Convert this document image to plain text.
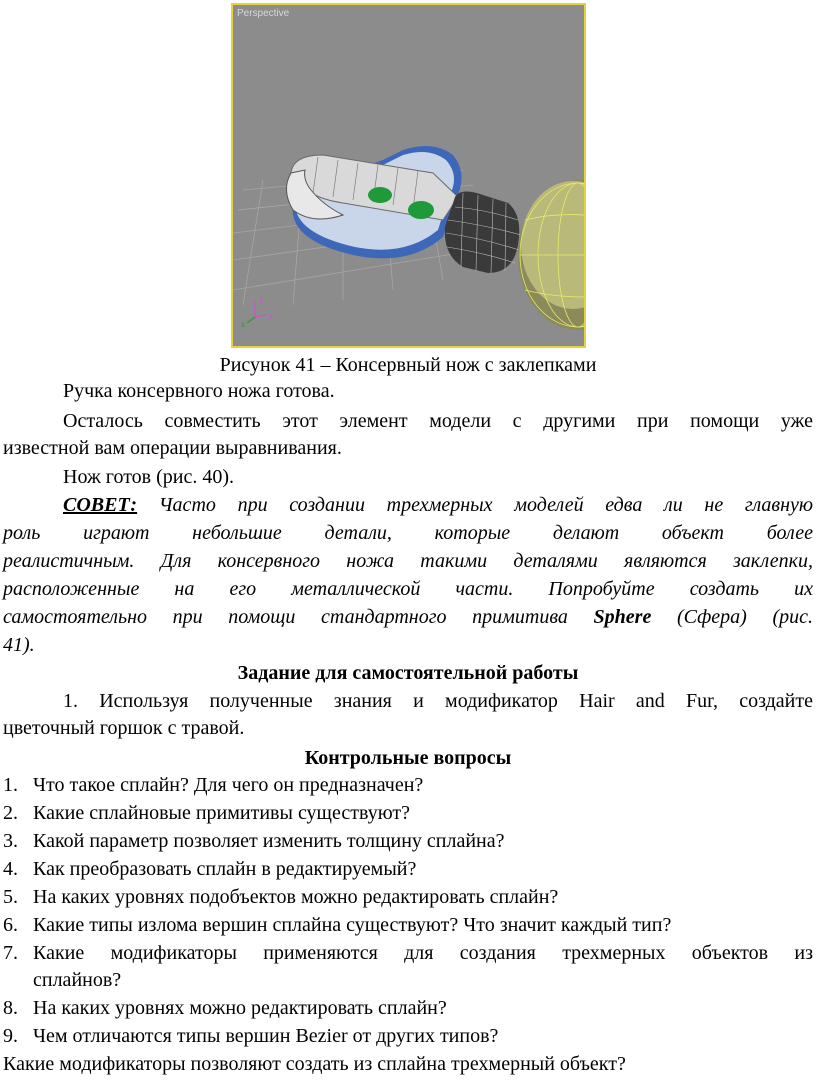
z
y
x
Perspective
Рисунок 41 – Консервный нож с заклепками
Ручка консервного ножа готова.
Осталось совместить этот элемент модели с другими при помощи уже
известной вам операции выравнивания.
Нож готов (рис. 40).
СОВЕТ: Часто при создании трехмерных моделей едва ли не главную
роль играют небольшие детали, которые делают объект более
реалистичным. Для консервного ножа такими деталями являются заклепки,
расположенные на его металлической части. Попробуйте создать их
самостоятельно при помощи стандартного примитива Sphere (Сфера) (рис.
41).
Задание для самостоятельной работы
1. Используя полученные знания и модификатор Hair and Fur, создайте
цветочный горшок с травой.
Контрольные вопросы
1. Что такое сплайн? Для чего он предназначен?
2. Какие сплайновые примитивы существуют?
3. Какой параметр позволяет изменить толщину сплайна?
4. Как преобразовать сплайн в редактируемый?
5. На каких уровнях подобъектов можно редактировать сплайн?
6. Какие типы излома вершин сплайна существуют? Что значит каждый тип?
7. Какие модификаторы применяются для создания трехмерных объектов из
сплайнов?
8. На каких уровнях можно редактировать сплайн?
9. Чем отличаются типы вершин Bezier от других типов?
Какие модификаторы позволяют создать из сплайна трехмерный объект?
